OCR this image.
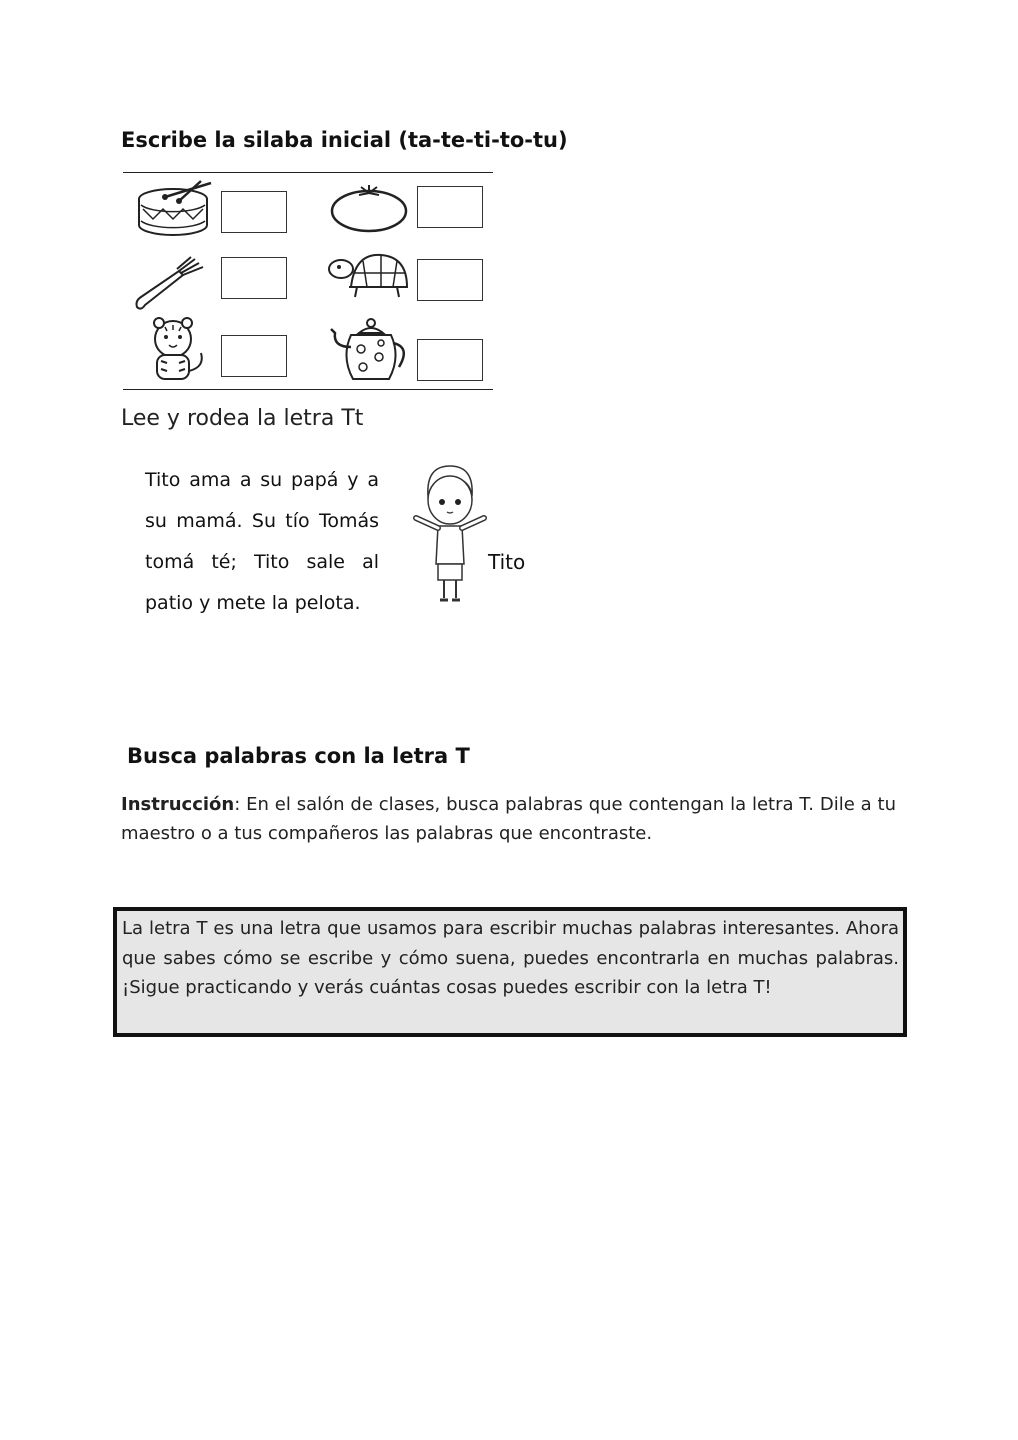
Escribe la silaba inicial (ta-te-ti-to-tu)
Lee y rodea la letra Tt

Tito ama a su papá y a

su mamá. Su tío Tomás

tomá té; Tito sale al

patio y mete la pelota.

Tito
Busca palabras con la letra T

Instrucción: En el salón de clases, busca palabras que contengan la letra T. Dile a tu maestro o a tus compañeros las palabras que encontraste.

La letra T es una letra que usamos para escribir muchas palabras interesantes. Ahora que sabes cómo se escribe y cómo suena, puedes encontrarla en muchas palabras. ¡Sigue practicando y verás cuántas cosas puedes escribir con la letra T!
